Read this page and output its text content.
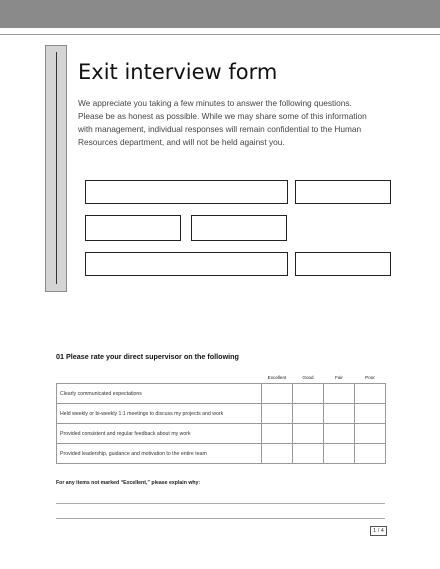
Exit interview form

We appreciate you taking a few minutes to answer the following questions. Please be as honest as possible. While we may share some of this information with management, individual responses will remain confidential to the Human Resources department, and will not be held against you.

01 Please rate your direct supervisor on the following
	Excellent	Good	Fair	Poor
Clearly communicated expectations				
Held weekly or bi-weekly 1:1 meetings to discuss my projects and work				
Provided consistent and regular feedback about my work				
Provided leadership, guidance and motivation to the entire team				

For any items not marked “Excellent,” please explain why:

1 / 4
